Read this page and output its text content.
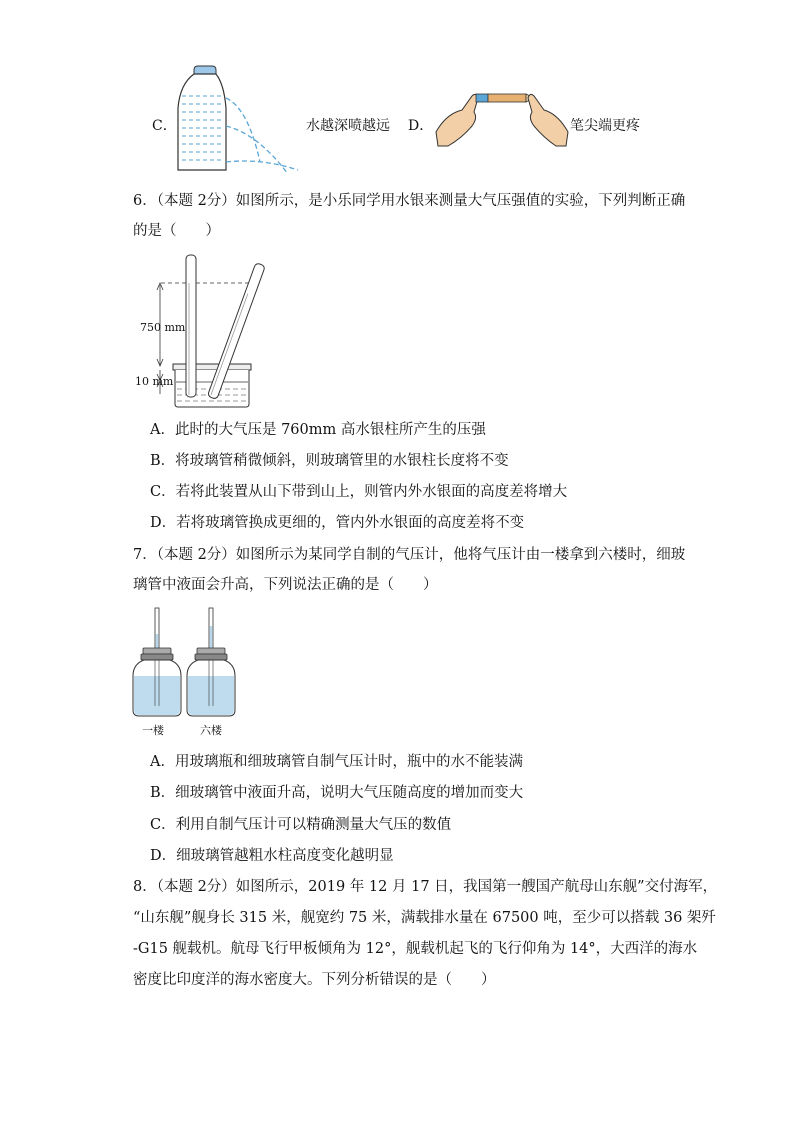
C．	水越深喷越远 D．	笔尖端更疼
6．（本题 2分）如图所示，是小乐同学用水银来测量大气压强值的实验，下列判断正确
的是（　　）
750 mm
10 mm
A．此时的大气压是 760mm 高水银柱所产生的压强
B．将玻璃管稍微倾斜，则玻璃管里的水银柱长度将不变
C．若将此装置从山下带到山上，则管内外水银面的高度差将增大
D．若将玻璃管换成更细的，管内外水银面的高度差将不变
7．（本题 2分）如图所示为某同学自制的气压计，他将气压计由一楼拿到六楼时，细玻
璃管中液面会升高，下列说法正确的是（　　）
一楼	六楼
A．用玻璃瓶和细玻璃管自制气压计时，瓶中的水不能装满
B．细玻璃管中液面升高，说明大气压随高度的增加而变大
C．利用自制气压计可以精确测量大气压的数值
D．细玻璃管越粗水柱高度变化越明显
8．（本题 2分）如图所示，2019 年 12 月 17 日，我国第一艘国产航母山东舰”交付海军，
“山东舰”舰身长 315 米，舰宽约 75 米，满载排水量在 67500 吨，至少可以搭载 36 架歼
-G15 舰载机。航母飞行甲板倾角为 12°，舰载机起飞的飞行仰角为 14°，大西洋的海水
密度比印度洋的海水密度大。下列分析错误的是（　　）
